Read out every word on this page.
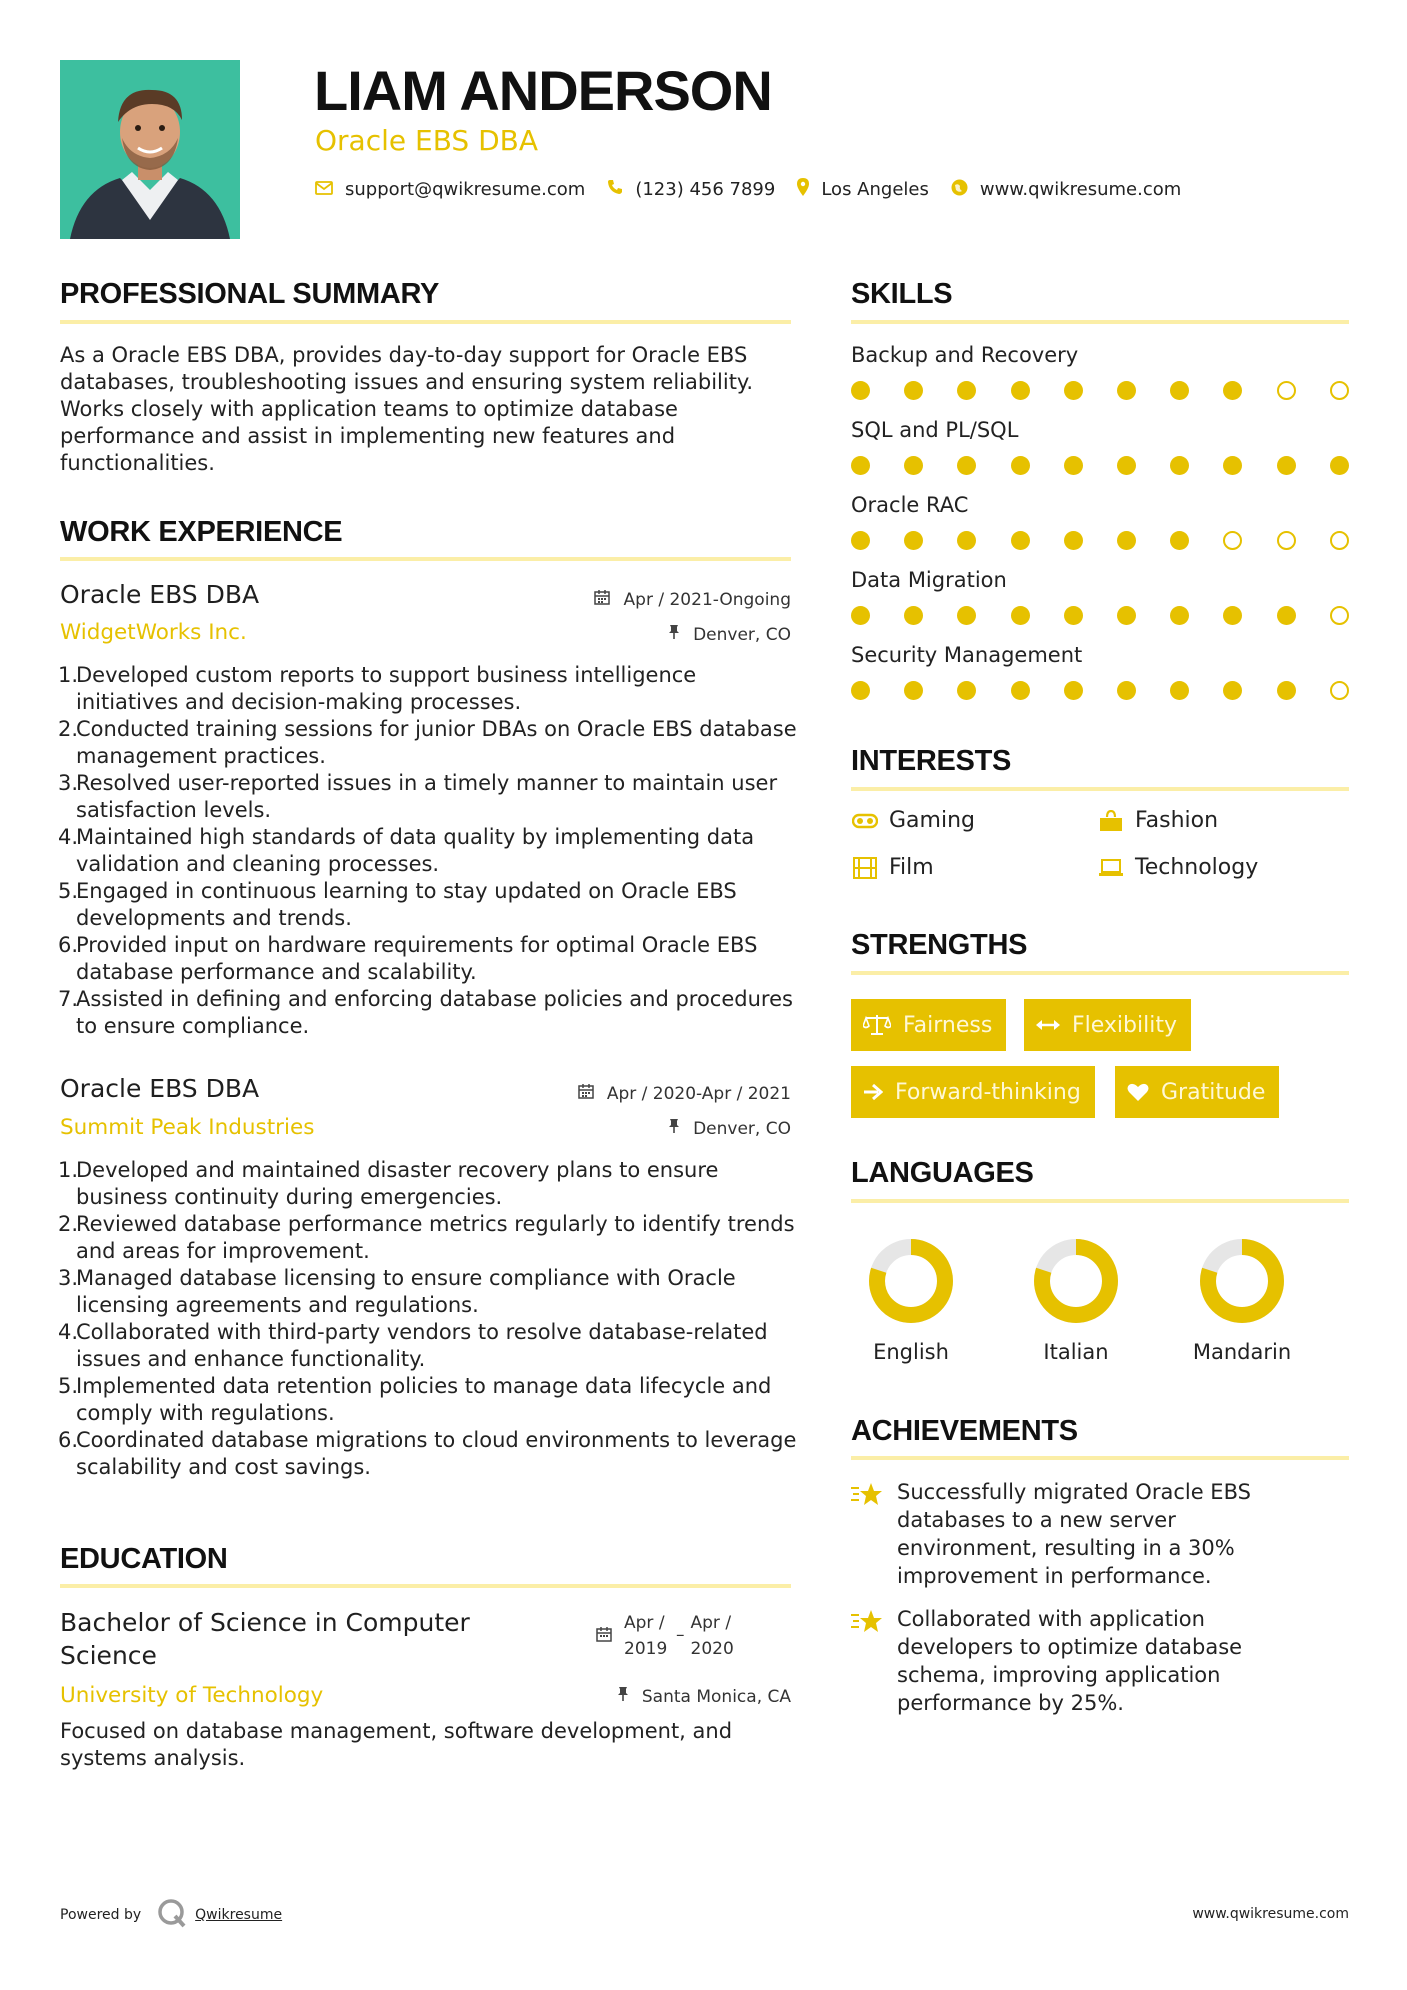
LIAM ANDERSON
Oracle EBS DBA
support@qwikresume.com	(123) 456 7899	Los Angeles	www.qwikresume.com
PROFESSIONAL SUMMARY
As a Oracle EBS DBA, provides day-to-day support for Oracle EBS databases, troubleshooting issues and ensuring system reliability. Works closely with application teams to optimize database performance and assist in implementing new features and functionalities.
WORK EXPERIENCE
Oracle EBS DBA	Apr / 2021-Ongoing
WidgetWorks Inc.	Denver, CO
1.
Developed custom reports to support business intelligence initiatives and decision-making processes.
2.
Conducted training sessions for junior DBAs on Oracle EBS database management practices.
3.
Resolved user-reported issues in a timely manner to maintain user satisfaction levels.
4.
Maintained high standards of data quality by implementing data validation and cleaning processes.
5.
Engaged in continuous learning to stay updated on Oracle EBS developments and trends.
6.
Provided input on hardware requirements for optimal Oracle EBS database performance and scalability.
7.
Assisted in defining and enforcing database policies and procedures to ensure compliance.
Oracle EBS DBA	Apr / 2020-Apr / 2021
Summit Peak Industries	Denver, CO
1.
Developed and maintained disaster recovery plans to ensure business continuity during emergencies.
2.
Reviewed database performance metrics regularly to identify trends and areas for improvement.
3.
Managed database licensing to ensure compliance with Oracle licensing agreements and regulations.
4.
Collaborated with third-party vendors to resolve database-related issues and enhance functionality.
5.
Implemented data retention policies to manage data lifecycle and comply with regulations.
6.
Coordinated database migrations to cloud environments to leverage scalability and cost savings.
EDUCATION
Bachelor of Science in Computer Science
Apr / 2019
–
Apr / 2020
University of Technology	Santa Monica, CA
Focused on database management, software development, and systems analysis.
SKILLS
Backup and Recovery
SQL and PL/SQL
Oracle RAC
Data Migration
Security Management
INTERESTS
Gaming	Fashion
Film	Technology
STRENGTHS
Fairness	Flexibility
Forward-thinking	Gratitude
LANGUAGES
English	Italian	Mandarin
ACHIEVEMENTS
Successfully migrated Oracle EBS databases to a new server environment, resulting in a 30% improvement in performance.
Collaborated with application developers to optimize database schema, improving application performance by 25%.
Powered by	Qwikresume	www.qwikresume.com
